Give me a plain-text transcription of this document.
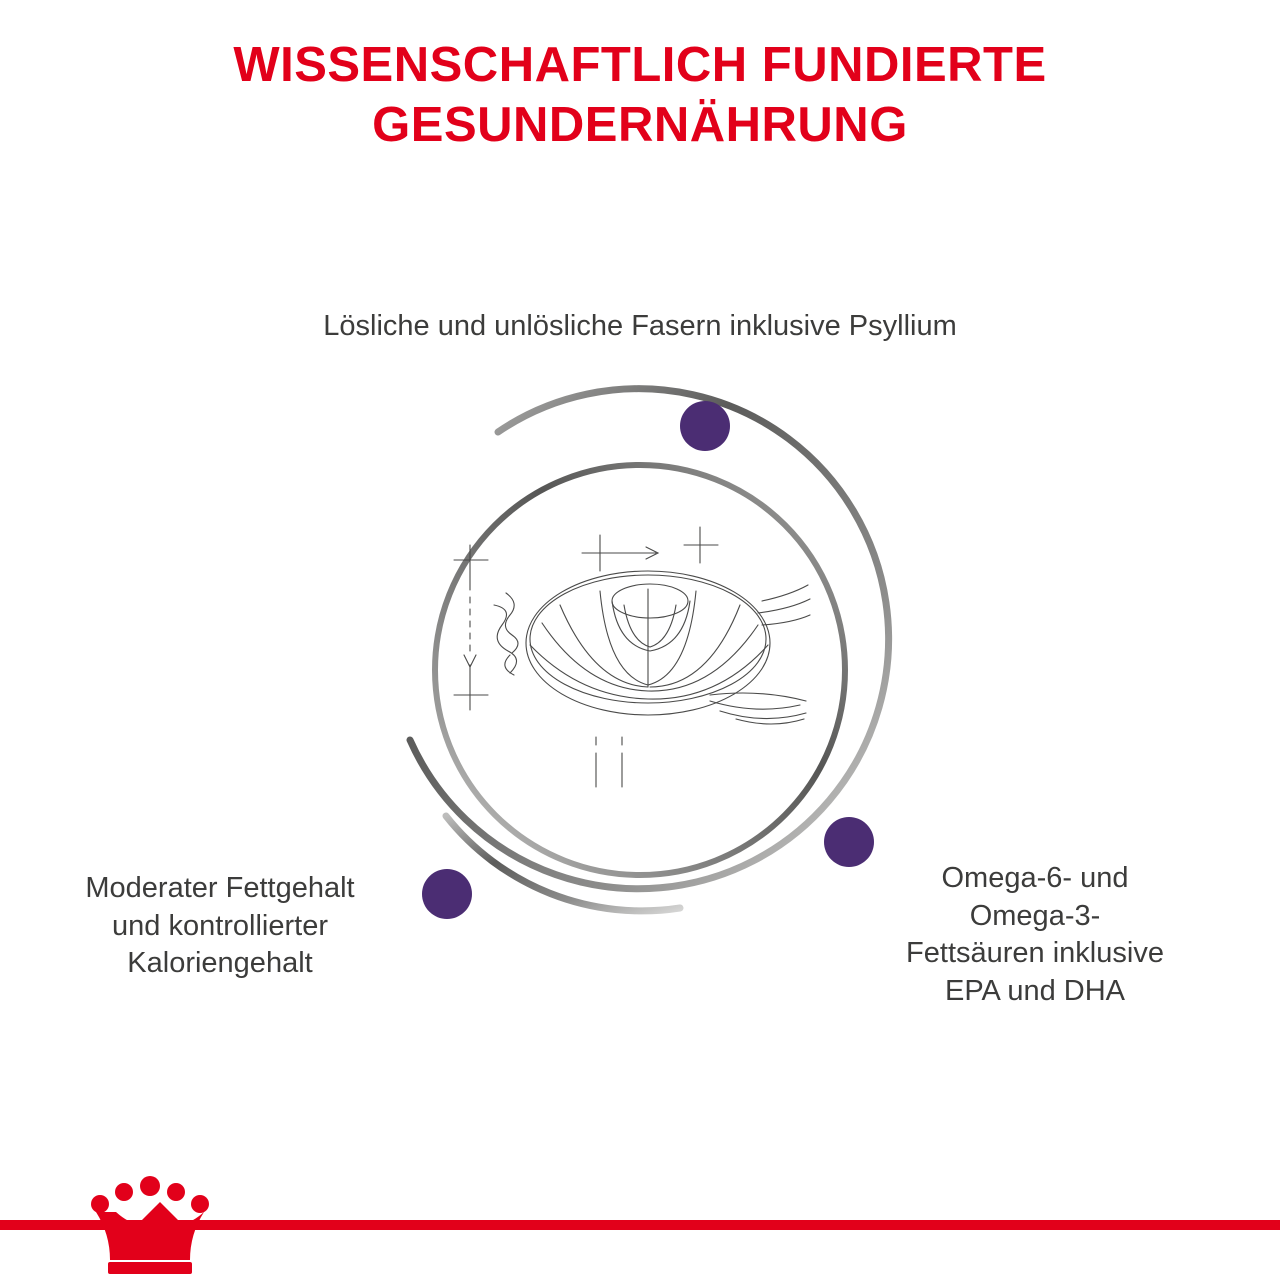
WISSENSCHAFTLICH FUNDIERTE
GESUNDERNÄHRUNG
Lösliche und unlösliche Fasern inklusive Psyllium
Moderater Fettgehalt
und kontrollierter
Kaloriengehalt
Omega-6- und
Omega-3-
Fettsäuren inklusive
EPA und DHA
